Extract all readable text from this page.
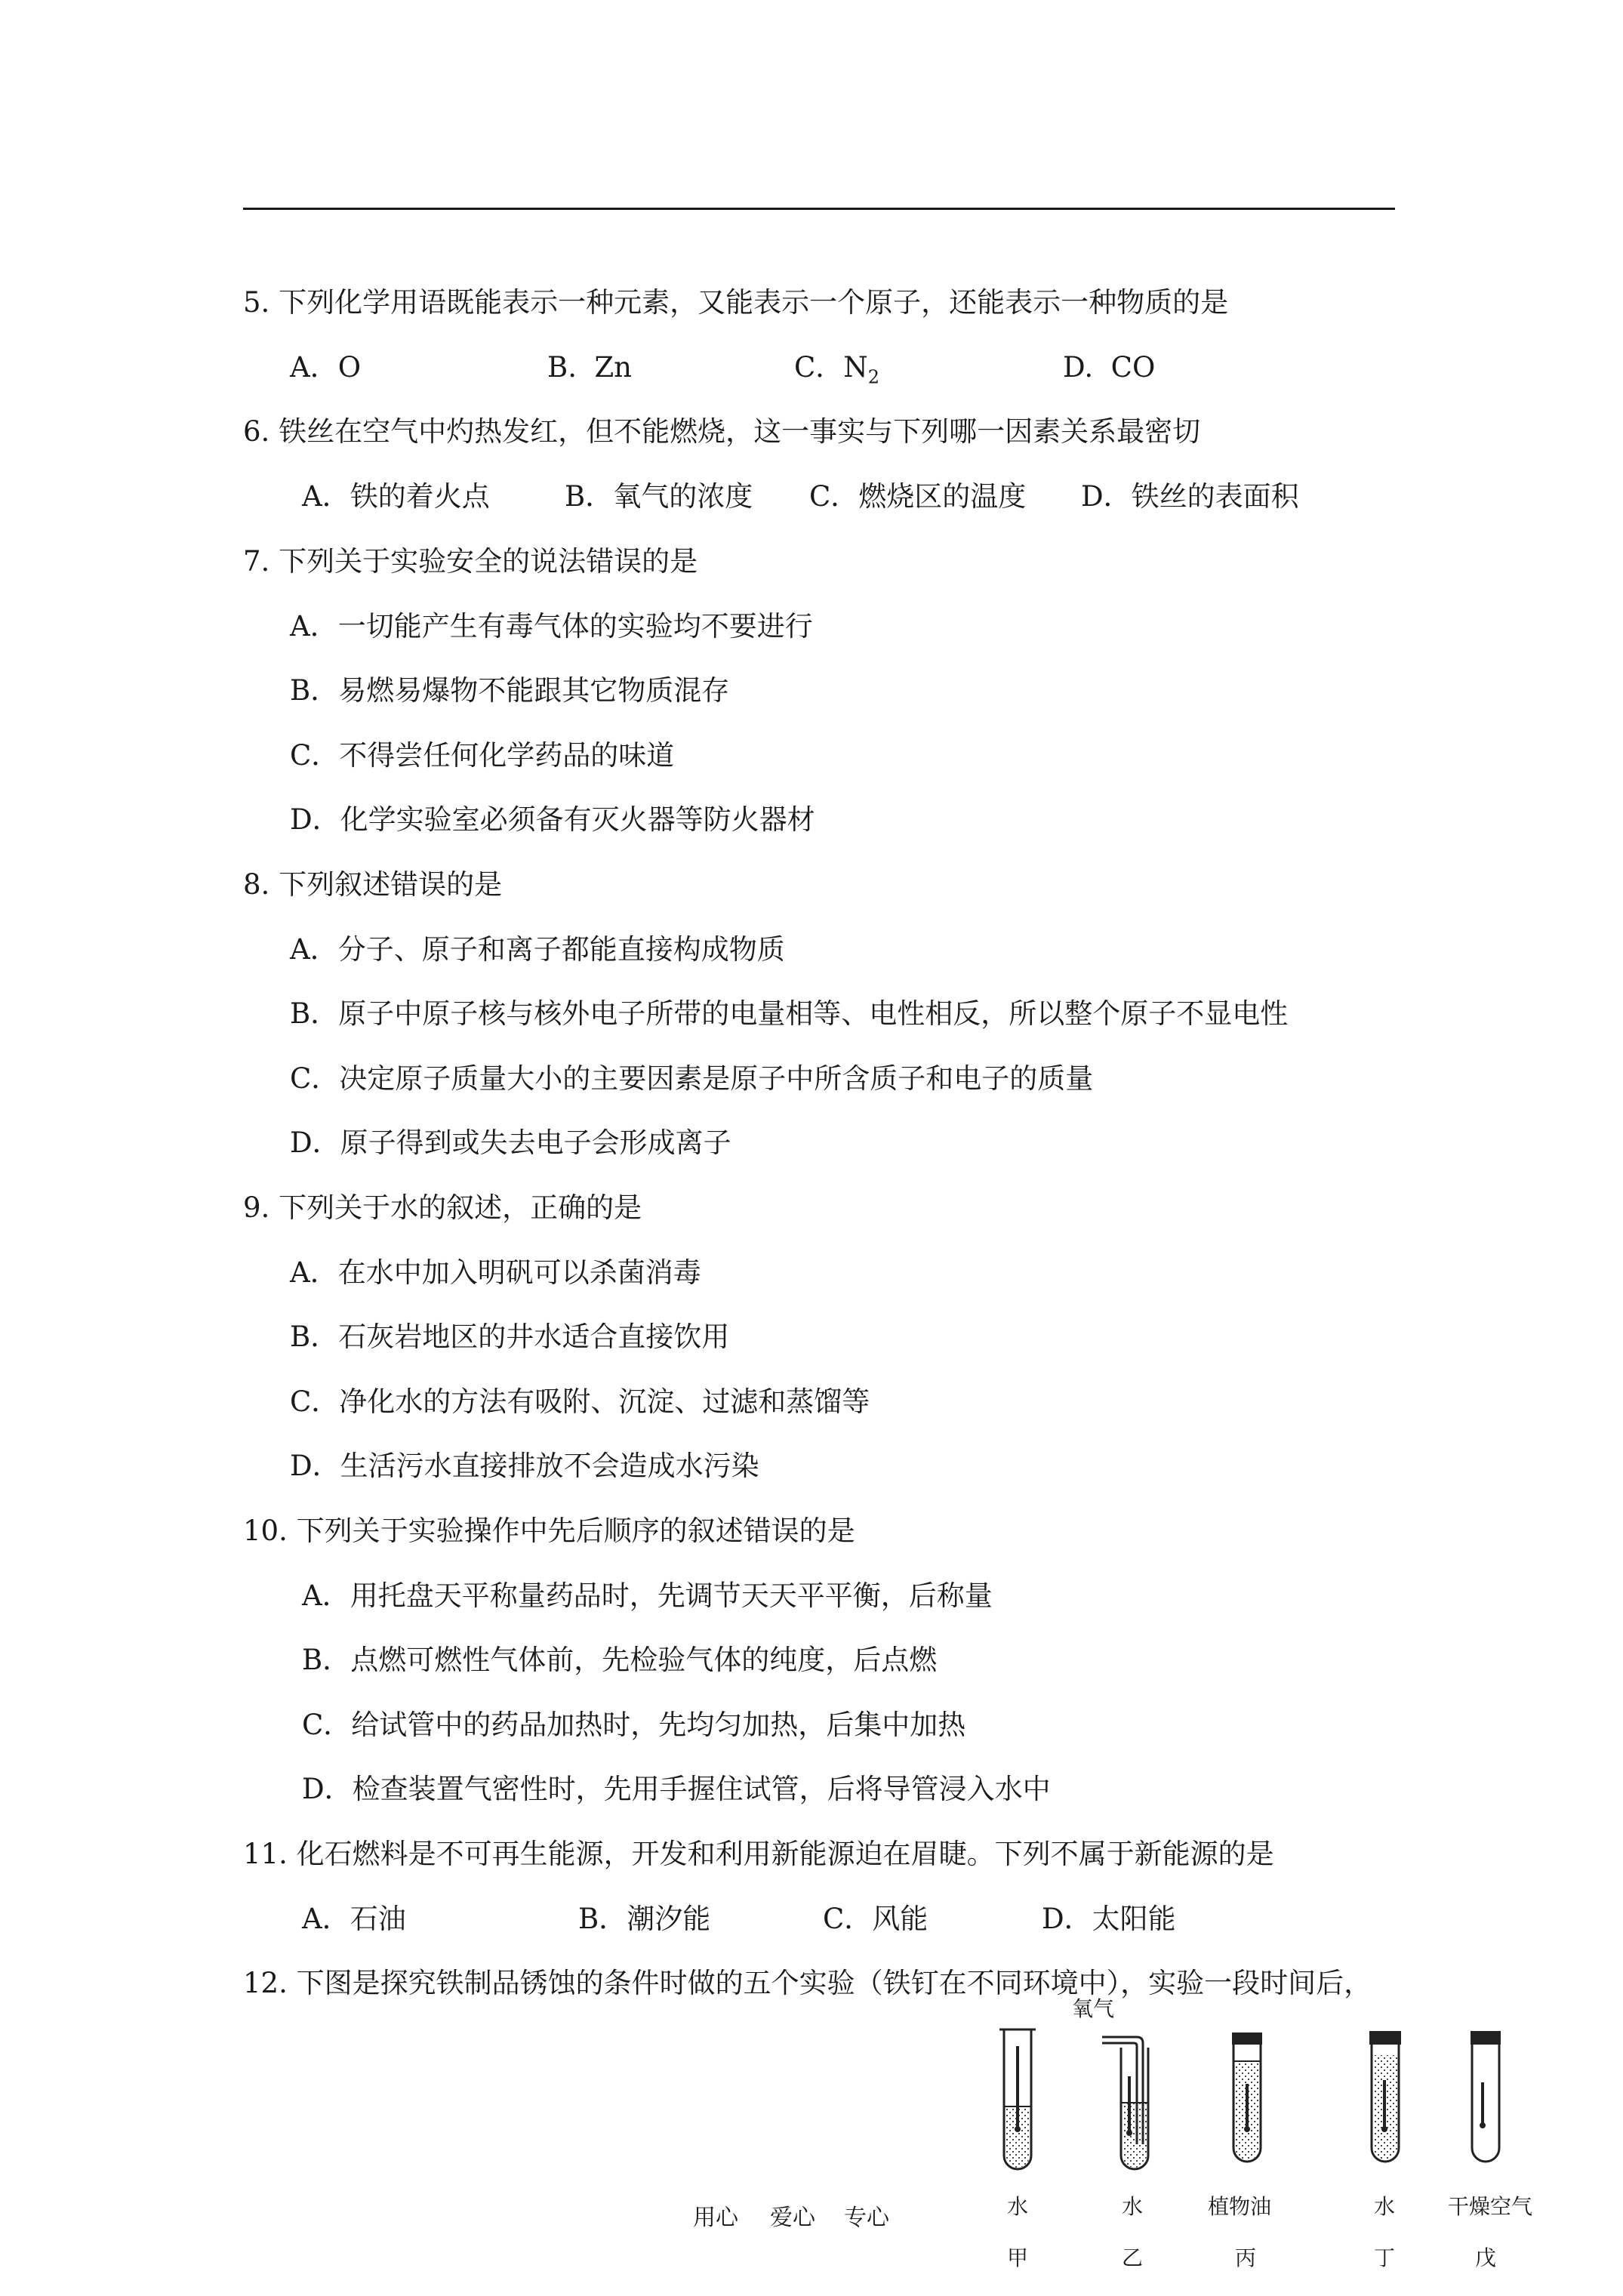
5. 下列化学用语既能表示一种元素，又能表示一个原子，还能表示一种物质的是
A．O	B.  Zn	C．$N_2$	D.  CO
6. 铁丝在空气中灼热发红，但不能燃烧，这一事实与下列哪一因素关系最密切
A．铁的着火点	B．氧气的浓度 C．燃烧区的温度 D．铁丝的表面积
7. 下列关于实验安全的说法错误的是
A．一切能产生有毒气体的实验均不要进行
B．易燃易爆物不能跟其它物质混存
C．不得尝任何化学药品的味道
D．化学实验室必须备有灭火器等防火器材
8. 下列叙述错误的是
A．分子、原子和离子都能直接构成物质
B．原子中原子核与核外电子所带的电量相等、电性相反，所以整个原子不显电性
C．决定原子质量大小的主要因素是原子中所含质子和电子的质量
D．原子得到或失去电子会形成离子
9. 下列关于水的叙述，正确的是
A．在水中加入明矾可以杀菌消毒
B．石灰岩地区的井水适合直接饮用
C．净化水的方法有吸附、沉淀、过滤和蒸馏等
D．生活污水直接排放不会造成水污染
10. 下列关于实验操作中先后顺序的叙述错误的是
A．用托盘天平称量药品时，先调节天天平平衡，后称量
B．点燃可燃性气体前，先检验气体的纯度，后点燃
C．给试管中的药品加热时，先均匀加热，后集中加热
D．检查装置气密性时，先用手握住试管，后将导管浸入水中
11. 化石燃料是不可再生能源，开发和利用新能源迫在眉睫。下列不属于新能源的是
A．石油	B．潮汐能	C．风能	D．太阳能
12. 下图是探究铁制品锈蚀的条件时做的五个实验（铁钉在不同环境中），实验一段时间后，
用心 爱心 专心	水
甲
氧气
水
乙
植物油
丙
水
丁
干燥空气
戊
